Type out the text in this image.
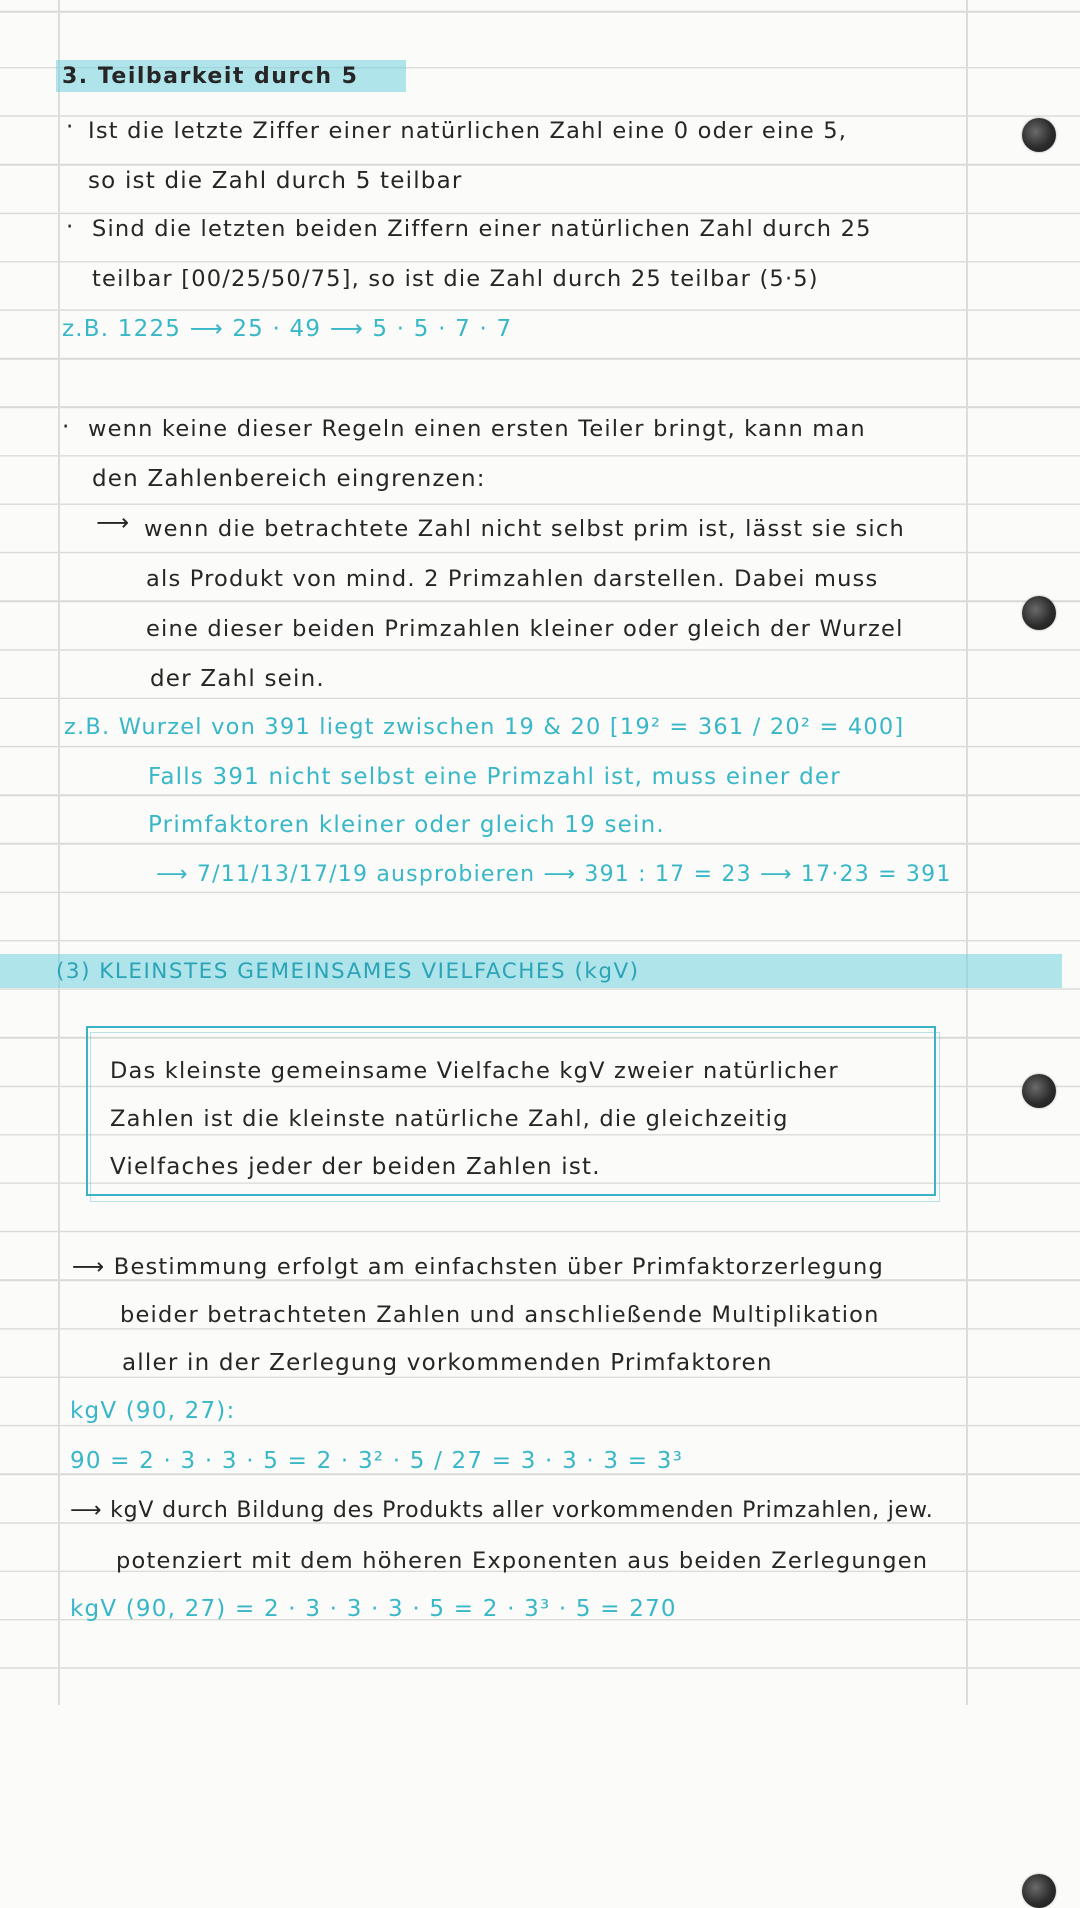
3. Teilbarkeit durch 5
· Ist die letzte Ziffer einer natürlichen Zahl eine 0 oder eine 5,
so ist die Zahl durch 5 teilbar
· Sind die letzten beiden Ziffern einer natürlichen Zahl durch 25
teilbar [00/25/50/75], so ist die Zahl durch 25 teilbar (5·5)
z.B. 1225 ⟶ 25 · 49 ⟶ 5 · 5 · 7 · 7
· wenn keine dieser Regeln einen ersten Teiler bringt, kann man
den Zahlenbereich eingrenzen:
⟶ wenn die betrachtete Zahl nicht selbst prim ist, lässt sie sich
als Produkt von mind. 2 Primzahlen darstellen. Dabei muss
eine dieser beiden Primzahlen kleiner oder gleich der Wurzel
der Zahl sein.
z.B. Wurzel von 391 liegt zwischen 19 & 20 [19² = 361 / 20² = 400]
Falls 391 nicht selbst eine Primzahl ist, muss einer der
Primfaktoren kleiner oder gleich 19 sein.
⟶ 7/11/13/17/19 ausprobieren ⟶ 391 : 17 = 23 ⟶ 17·23 = 391
(3) KLEINSTES GEMEINSAMES VIELFACHES (kgV)
Das kleinste gemeinsame Vielfache kgV zweier natürlicher
Zahlen ist die kleinste natürliche Zahl, die gleichzeitig
Vielfaches jeder der beiden Zahlen ist.
⟶ Bestimmung erfolgt am einfachsten über Primfaktorzerlegung
beider betrachteten Zahlen und anschließende Multiplikation
aller in der Zerlegung vorkommenden Primfaktoren
kgV (90, 27):
90 = 2 · 3 · 3 · 5 = 2 · 3² · 5 / 27 = 3 · 3 · 3 = 3³
⟶ kgV durch Bildung des Produkts aller vorkommenden Primzahlen, jew.
potenziert mit dem höheren Exponenten aus beiden Zerlegungen
kgV (90, 27) = 2 · 3 · 3 · 3 · 5 = 2 · 3³ · 5 = 270
